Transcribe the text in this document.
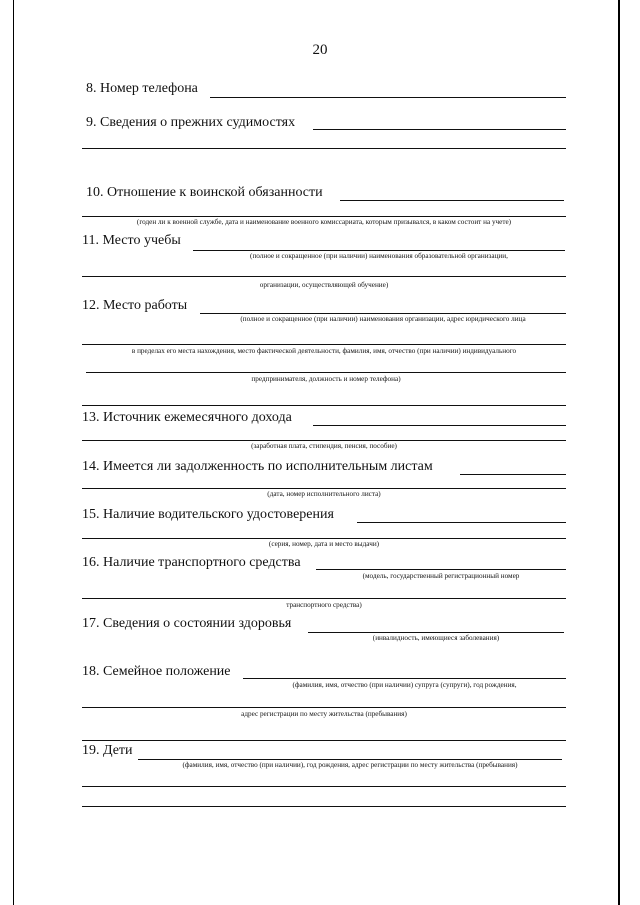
20
8. Номер телефона
9. Сведения о прежних судимостях
10. Отношение к воинской обязанности
(годен ли к военной службе, дата и наименование военного комиссариата, которым призывался, в каком состоит на учете)
11. Место учебы
(полное и сокращенное (при наличии) наименования образовательной организации,
организации, осуществляющей обучение)
12. Место работы
(полное и сокращенное (при наличии) наименования организации, адрес юридического лица
в пределах его места нахождения, место фактической деятельности, фамилия, имя, отчество (при наличии) индивидуального
предпринимателя, должность и номер телефона)
13. Источник ежемесячного дохода
(заработная плата, стипендия, пенсия, пособие)
14. Имеется ли задолженность по исполнительным листам
(дата, номер исполнительного листа)
15. Наличие водительского удостоверения
(серия, номер, дата и место выдачи)
16. Наличие транспортного средства
(модель, государственный регистрационный номер
транспортного средства)
17. Сведения о состоянии здоровья
(инвалидность, имеющиеся заболевания)
18. Семейное положение
(фамилия, имя, отчество (при наличии) супруга (супруги), год рождения,
адрес регистрации по месту жительства (пребывания)
19. Дети
(фамилия, имя, отчество (при наличии), год рождения, адрес регистрации по месту жительства (пребывания)
